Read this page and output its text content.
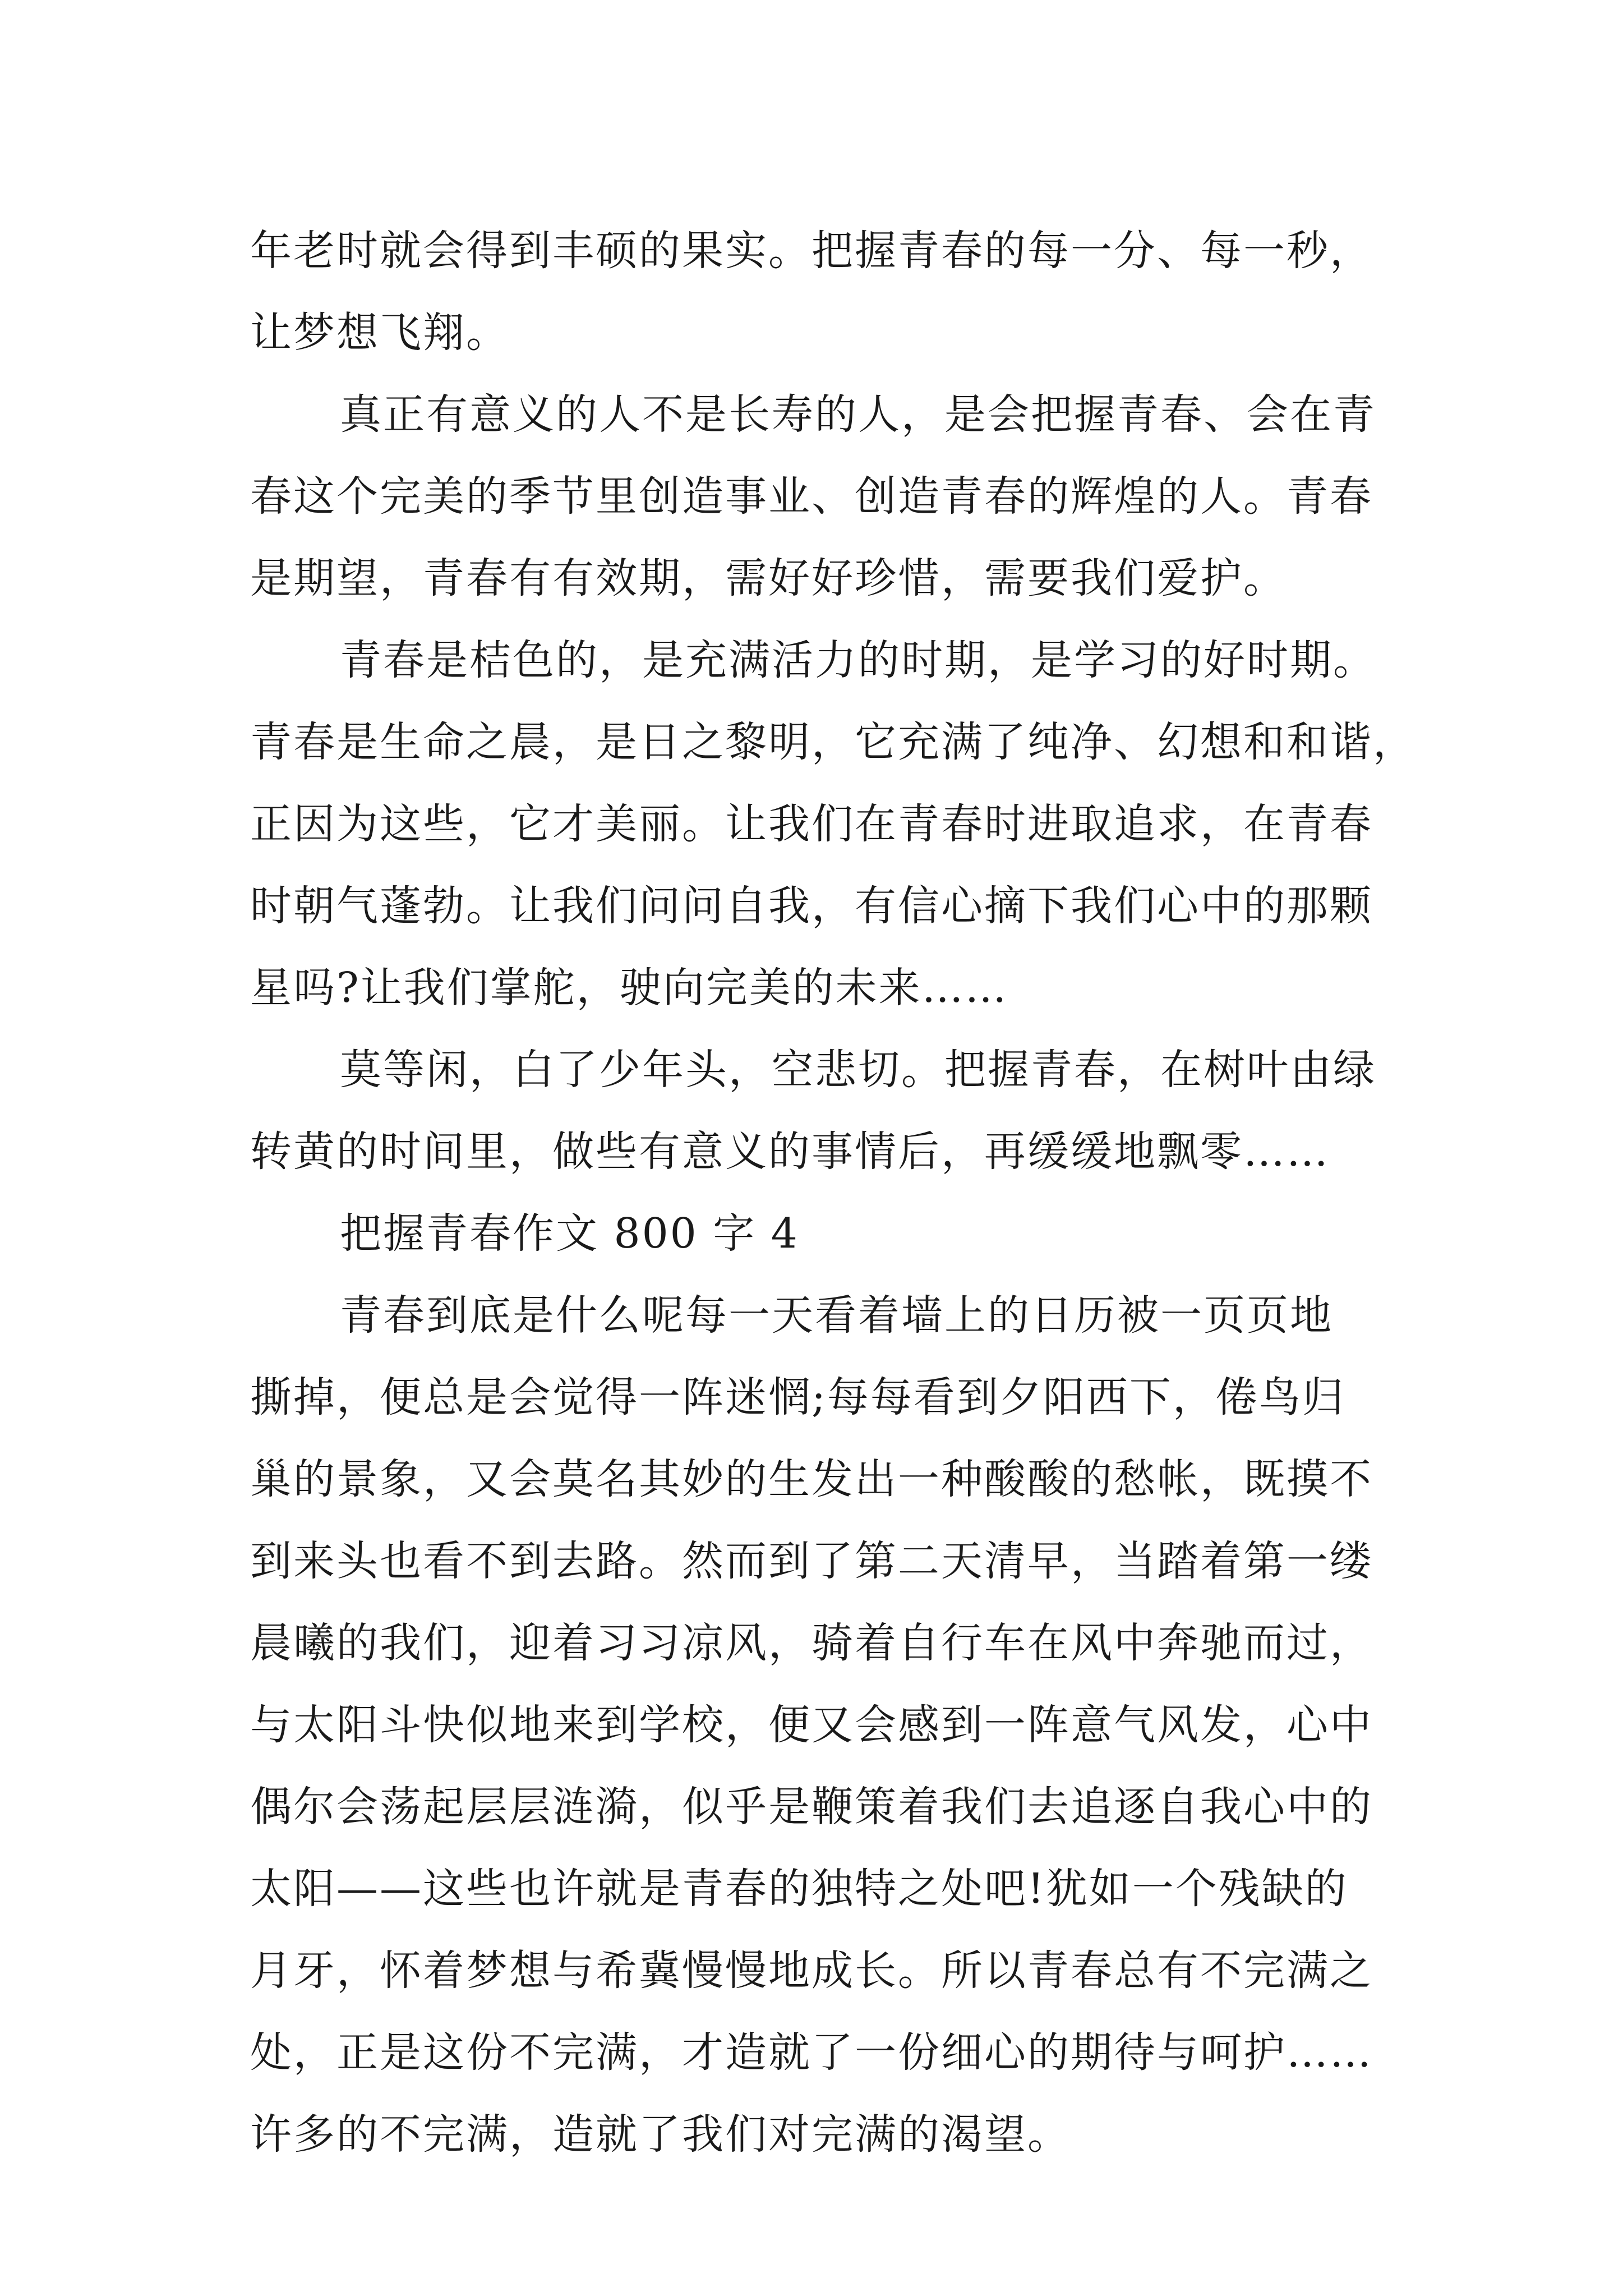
年老时就会得到丰硕的果实。把握青春的每一分、每一秒，
让梦想飞翔。
真正有意义的人不是长寿的人，是会把握青春、会在青
春这个完美的季节里创造事业、创造青春的辉煌的人。青春
是期望，青春有有效期，需好好珍惜，需要我们爱护。
青春是桔色的，是充满活力的时期，是学习的好时期。
青春是生命之晨，是日之黎明，它充满了纯净、幻想和和谐，
正因为这些，它才美丽。让我们在青春时进取追求，在青春
时朝气蓬勃。让我们问问自我，有信心摘下我们心中的那颗
星吗?让我们掌舵，驶向完美的未来……
莫等闲，白了少年头，空悲切。把握青春，在树叶由绿
转黄的时间里，做些有意义的事情后，再缓缓地飘零……
把握青春作文 800 字 4
青春到底是什么呢每一天看着墙上的日历被一页页地
撕掉，便总是会觉得一阵迷惘;每每看到夕阳西下，倦鸟归
巢的景象，又会莫名其妙的生发出一种酸酸的愁帐，既摸不
到来头也看不到去路。然而到了第二天清早，当踏着第一缕
晨曦的我们，迎着习习凉风，骑着自行车在风中奔驰而过，
与太阳斗快似地来到学校，便又会感到一阵意气风发，心中
偶尔会荡起层层涟漪，似乎是鞭策着我们去追逐自我心中的
太阳——这些也许就是青春的独特之处吧!犹如一个残缺的
月牙，怀着梦想与希冀慢慢地成长。所以青春总有不完满之
处，正是这份不完满，才造就了一份细心的期待与呵护……
许多的不完满，造就了我们对完满的渴望。
